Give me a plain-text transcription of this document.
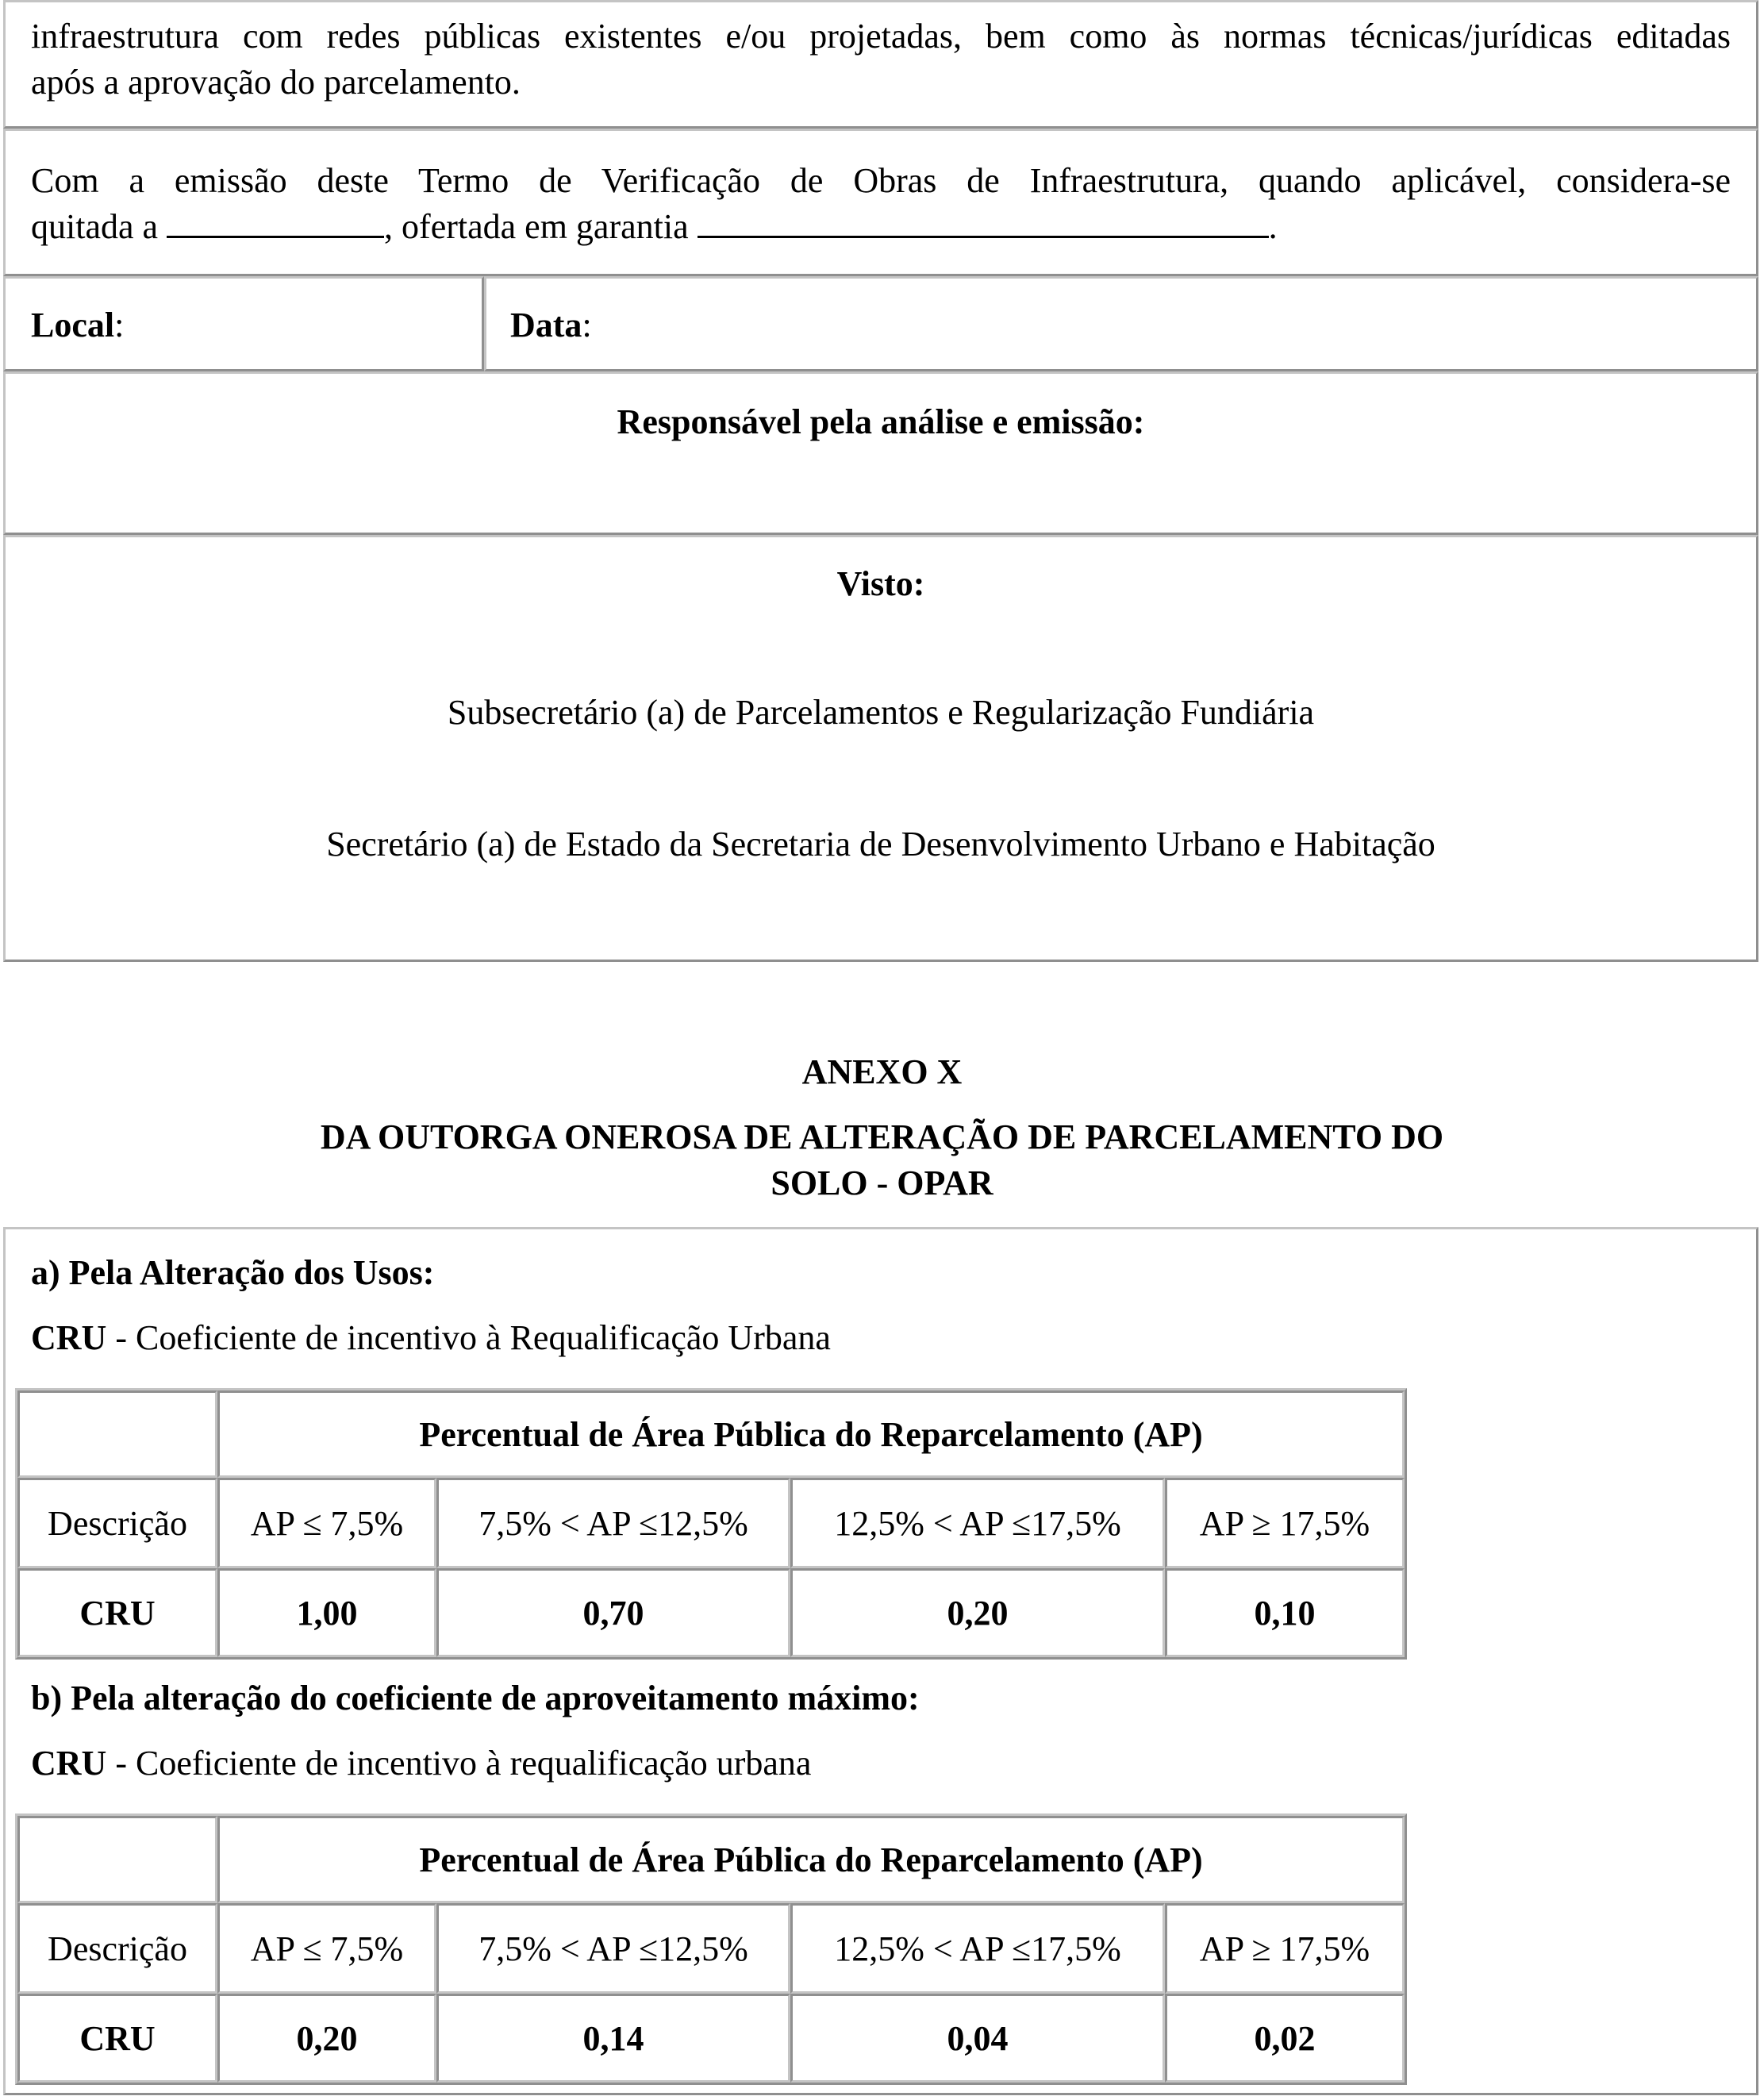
infraestrutura com redes públicas existentes e/ou projetadas, bem como às normas técnicas/jurídicas editadas

após a aprovação do parcelamento.

Com a emissão deste Termo de Verificação de Obras de Infraestrutura, quando aplicável, considera-se

quitada a	, ofertada em garantia	.

Local:	Data:

Responsável pela análise e emissão:

Visto:

Subsecretário (a) de Parcelamentos e Regularização Fundiária

Secretário (a) de Estado da Secretaria de Desenvolvimento Urbano e Habitação

ANEXO X
DA OUTORGA ONEROSA DE ALTERAÇÃO DE PARCELAMENTO DO
SOLO - OPAR

a) Pela Alteração dos Usos:

CRU - Coeficiente de incentivo à Requalificação Urbana

	Percentual de Área Pública do Reparcelamento (AP)			
Descrição	AP ≤ 7,5%	7,5% < AP ≤12,5%	12,5% < AP ≤17,5%	AP ≥ 17,5%
CRU	1,00	0,70	0,20	0,10

b) Pela alteração do coeficiente de aproveitamento máximo:

CRU - Coeficiente de incentivo à requalificação urbana

	Percentual de Área Pública do Reparcelamento (AP)			
Descrição	AP ≤ 7,5%	7,5% < AP ≤12,5%	12,5% < AP ≤17,5%	AP ≥ 17,5%
CRU	0,20	0,14	0,04	0,02
